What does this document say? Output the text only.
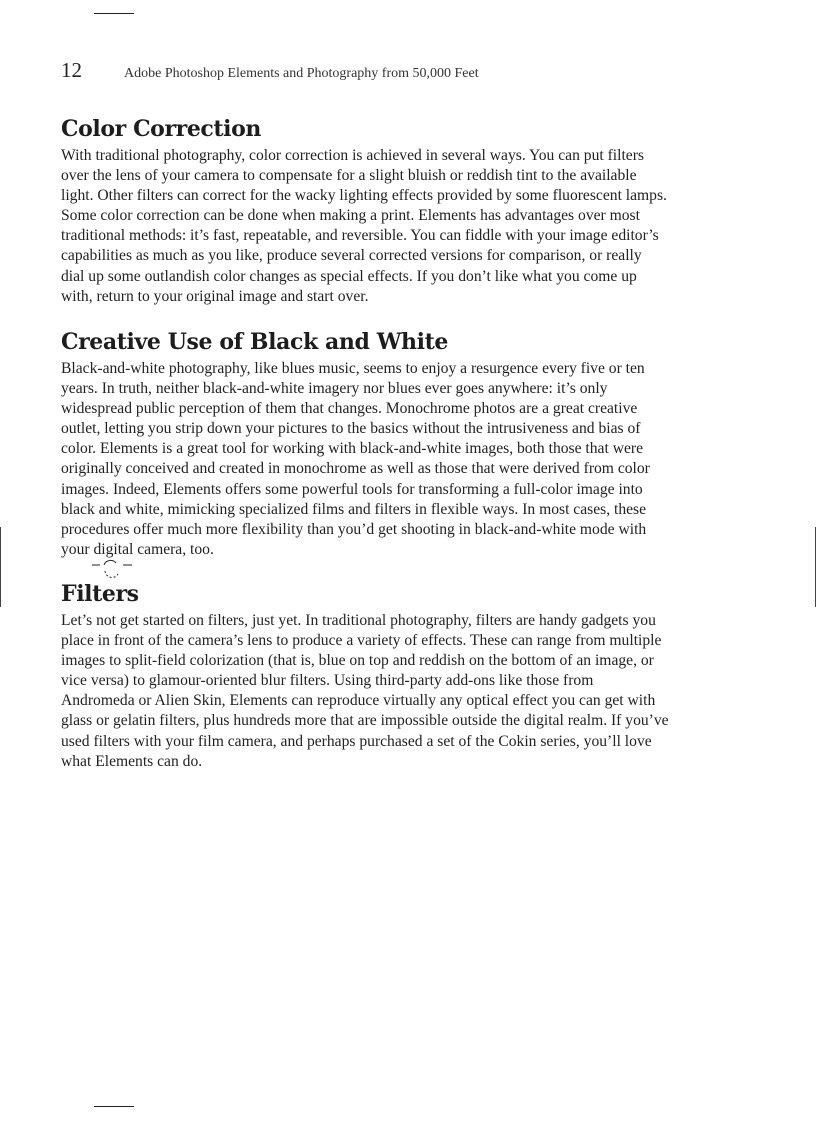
12	Adobe Photoshop Elements and Photography from 50,000 Feet
Color Correction

With traditional photography, color correction is achieved in several ways. You can put filters
over the lens of your camera to compensate for a slight bluish or reddish tint to the available
light. Other filters can correct for the wacky lighting effects provided by some fluorescent lamps.
Some color correction can be done when making a print. Elements has advantages over most
traditional methods: it’s fast, repeatable, and reversible. You can fiddle with your image editor’s
capabilities as much as you like, produce several corrected versions for comparison, or really
dial up some outlandish color changes as special effects. If you don’t like what you come up
with, return to your original image and start over.

Creative Use of Black and White

Black-and-white photography, like blues music, seems to enjoy a resurgence every five or ten
years. In truth, neither black-and-white imagery nor blues ever goes anywhere: it’s only
widespread public perception of them that changes. Monochrome photos are a great creative
outlet, letting you strip down your pictures to the basics without the intrusiveness and bias of
color. Elements is a great tool for working with black-and-white images, both those that were
originally conceived and created in monochrome as well as those that were derived from color
images. Indeed, Elements offers some powerful tools for transforming a full-color image into
black and white, mimicking specialized films and filters in flexible ways. In most cases, these
procedures offer much more flexibility than you’d get shooting in black-and-white mode with
your digital camera, too.

Filters

Let’s not get started on filters, just yet. In traditional photography, filters are handy gadgets you
place in front of the camera’s lens to produce a variety of effects. These can range from multiple
images to split-field colorization (that is, blue on top and reddish on the bottom of an image, or
vice versa) to glamour-oriented blur filters. Using third-party add-ons like those from
Andromeda or Alien Skin, Elements can reproduce virtually any optical effect you can get with
glass or gelatin filters, plus hundreds more that are impossible outside the digital realm. If you’ve
used filters with your film camera, and perhaps purchased a set of the Cokin series, you’ll love
what Elements can do.
